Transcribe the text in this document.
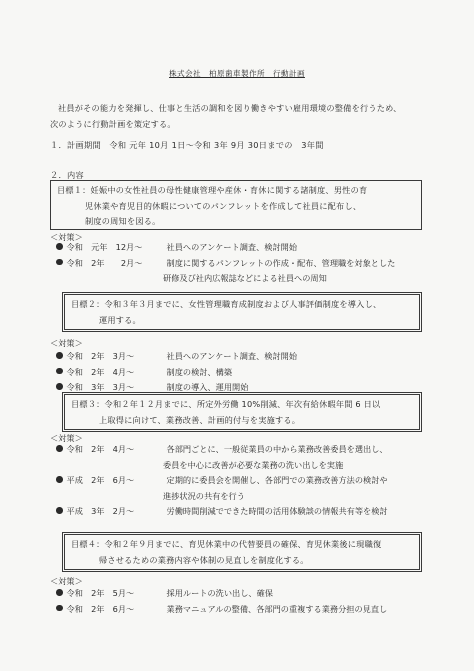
株式会社　柏原歯車製作所　行動計画
社員がその能力を発揮し、仕事と生活の調和を図り働きやすい雇用環境の整備を行うため、
次のように行動計画を策定する。
１．計画期間　令和 元年 10月 1日～令和 3年 9月 30日までの　3年間
２．内容
目標１：妊娠中の女性社員の母性健康管理や産休・育休に関する諸制度、男性の育
児休業や育児目的休暇についてのパンフレットを作成して社員に配布し、
制度の周知を図る。
＜対策＞
令和　元年　12月～	社員へのアンケート調査、検討開始
令和　2年　　2月～	制度に関するパンフレットの作成・配布、管理職を対象とした
研修及び社内広報誌などによる社員への周知
目標２：令和３年３月までに、女性管理職育成制度および人事評価制度を導入し、
運用する。
＜対策＞
令和　2年　3月～	社員へのアンケート調査、検討開始
令和　2年　4月～	制度の検討、構築
令和　3年　3月～	制度の導入、運用開始
目標３：令和２年１２月までに、所定外労働 10%削減、年次有給休暇年間 6 日以
上取得に向けて、業務改善、計画的付与を実施する。
＜対策＞
令和　2年　4月～	各部門ごとに、一般従業員の中から業務改善委員を選出し、
委員を中心に改善が必要な業務の洗い出しを実施
平成　2年　6月～	定期的に委員会を開催し、各部門での業務改善方法の検討や
進捗状況の共有を行う
平成　3年　2月～	労働時間削減でできた時間の活用体験談の情報共有等を検討
目標４：令和２年９月までに、育児休業中の代替要員の確保、育児休業後に現職復
帰させるための業務内容や体制の見直しを制度化する。
＜対策＞
令和　2年　5月～	採用ルートの洗い出し、確保
令和　2年　6月～	業務マニュアルの整備、各部門の重複する業務分担の見直し
